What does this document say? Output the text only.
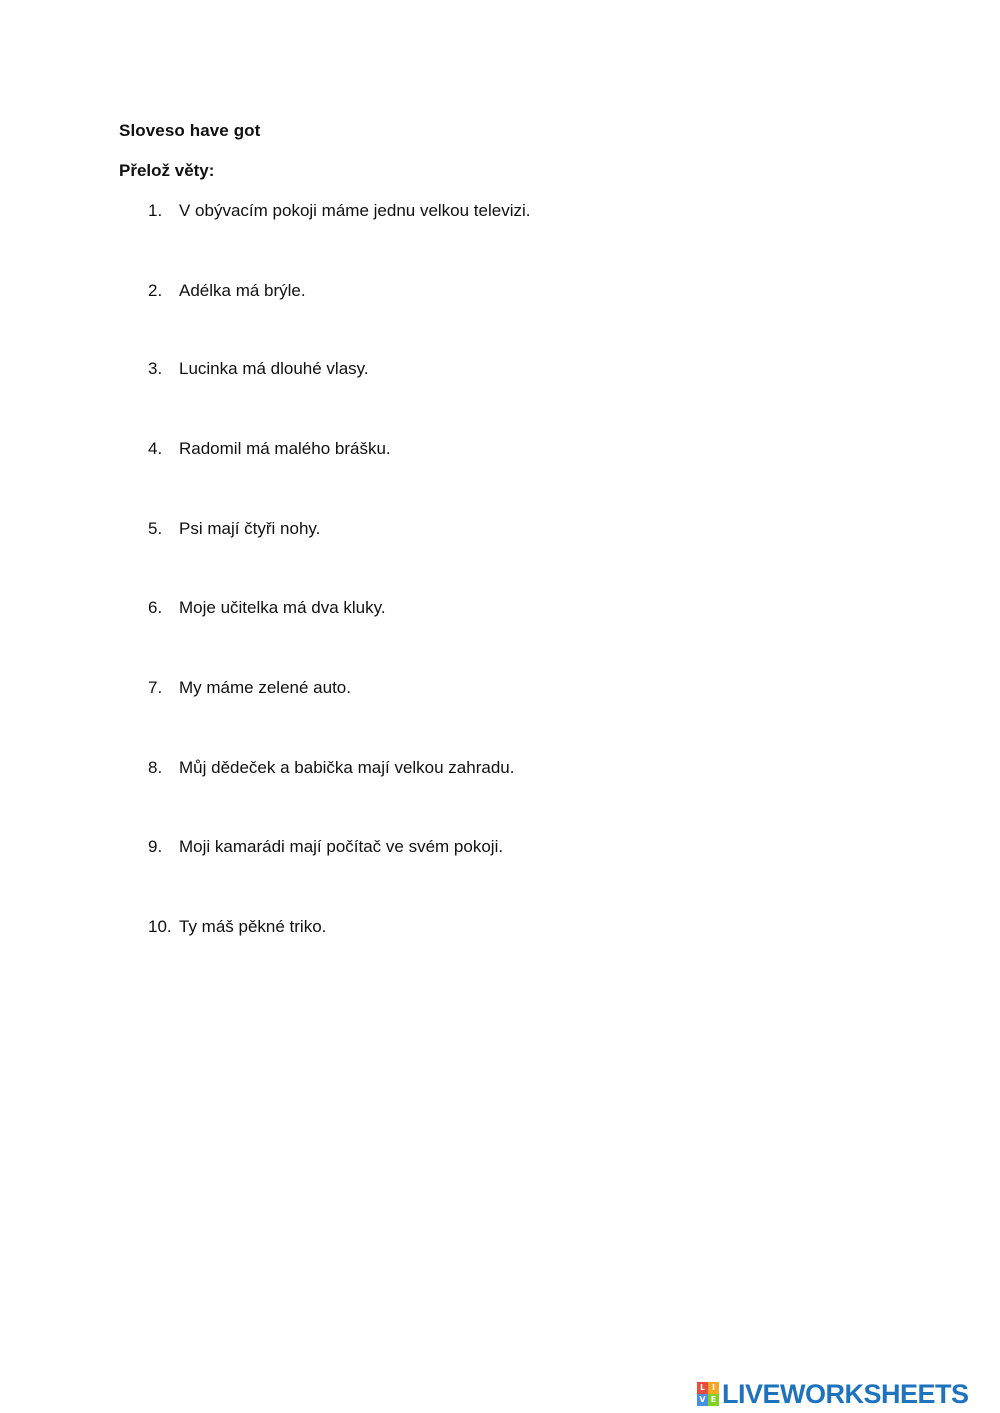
Sloveso have got
Přelož věty:
1. V obývacím pokoji máme jednu velkou televizi.
2. Adélka má brýle.
3. Lucinka má dlouhé vlasy.
4. Radomil má malého brášku.
5. Psi mají čtyři nohy.
6. Moje učitelka má dva kluky.
7. My máme zelené auto.
8. Můj dědeček a babička mají velkou zahradu.
9. Moji kamarádi mají počítač ve svém pokoji.
10. Ty máš pěkné triko.
L I
V E LIVEWORKSHEETS
